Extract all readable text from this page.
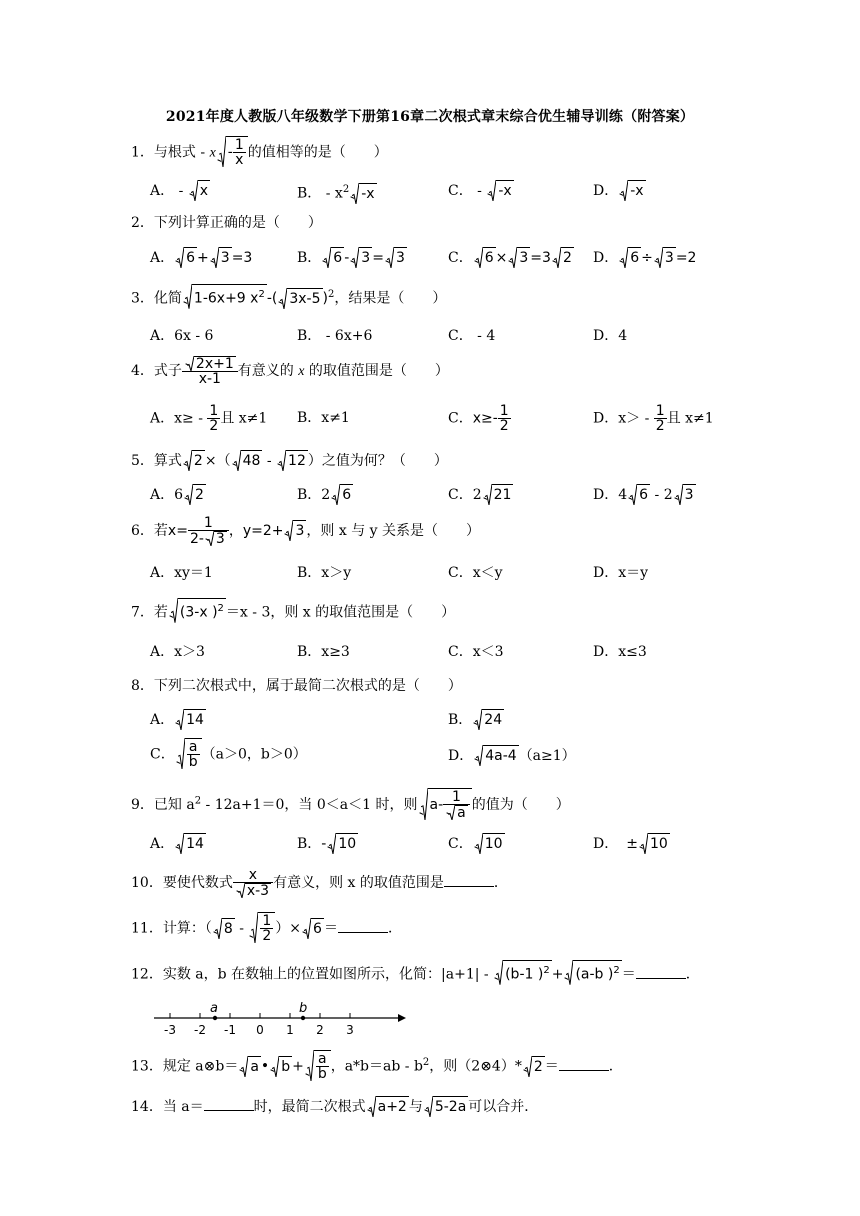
2021年度人教版八年级数学下册第16章二次根式章末综合优生辅导训练（附答案）
1．与根式 - x - $\frac{1}{x}$ 的值相等的是（　　）
A． -
x	B． - $x^2$ -x	C． -
-x	D． -x
2．下列计算正确的是（　　）
A． 6 + 3 =3	B． 6 - 3 = 3	C． 6 × 3 =3 2 D． 6 ÷ 3 =2
3．化简 1-6x+9 $x^2$ -( 3x-5 )$^2$，结果是（　　）
A．6x - 6	B． - 6x+6	C． - 4	D．4
4．式子 $\frac{2x+1}{x-1}$ 有意义的 x 的取值范围是（　　）
A．$x\ge - \frac{1}{2}$ 且 x≠1 B．x≠1	C．$x\ge- \frac{1}{2}$	D．$x> - \frac{1}{2}$ 且 x≠1
5．算式 2 ×（ 48 -
12 ）之值为何？（　　）
A．6 2	B．2 6	C．2 21	D．4 6 - 2 3
6．若$x= \frac{1}{2- 3}$ ，y=2+ 3 ，则 x 与 y 关系是（　　）
A．xy＝1	B．x＞y	C．x＜y	D．x＝y
7．若 (3-x )$^2$ ＝x - 3，则 x 的取值范围是（　　）
A．x＞3	B．x≥3	C．x＜3	D．x≤3
8．下列二次根式中，属于最简二次根式的是（　　）
A． 14	B． 24
C． $\frac{a}{b} (a>0$，b＞0）	D． 4a-4 （a≥1）
9．已知 $a^2 - 12a+1=0$，当 0＜a＜1 时，则 $a- \frac{1}{a}$ 的值为（　　）
A． 14	B．- 10	C． 10	D． ± 10
10．要使代数式 $\frac{x}{x-3}$ 有意义，则 x 的取值范围是	．
11．计算：（ $8 - \frac{1}{2}$ ）× 6 ＝	．
12．实数 a，b 在数轴上的位置如图所示，化简：|a+1| -
(b-1 )$^2$ + (a-b )$^2$ ＝	．
-3 -2 -1 0 1 2 3
a	b
13．规定 a⊗b＝ a • $b + \frac{a}{b}$ ，$a*b=ab - b^2$，则（2⊗4）* 2 ＝	．
14．当 a＝	时，最简二次根式 a+2 与 5-2a 可以合并．
